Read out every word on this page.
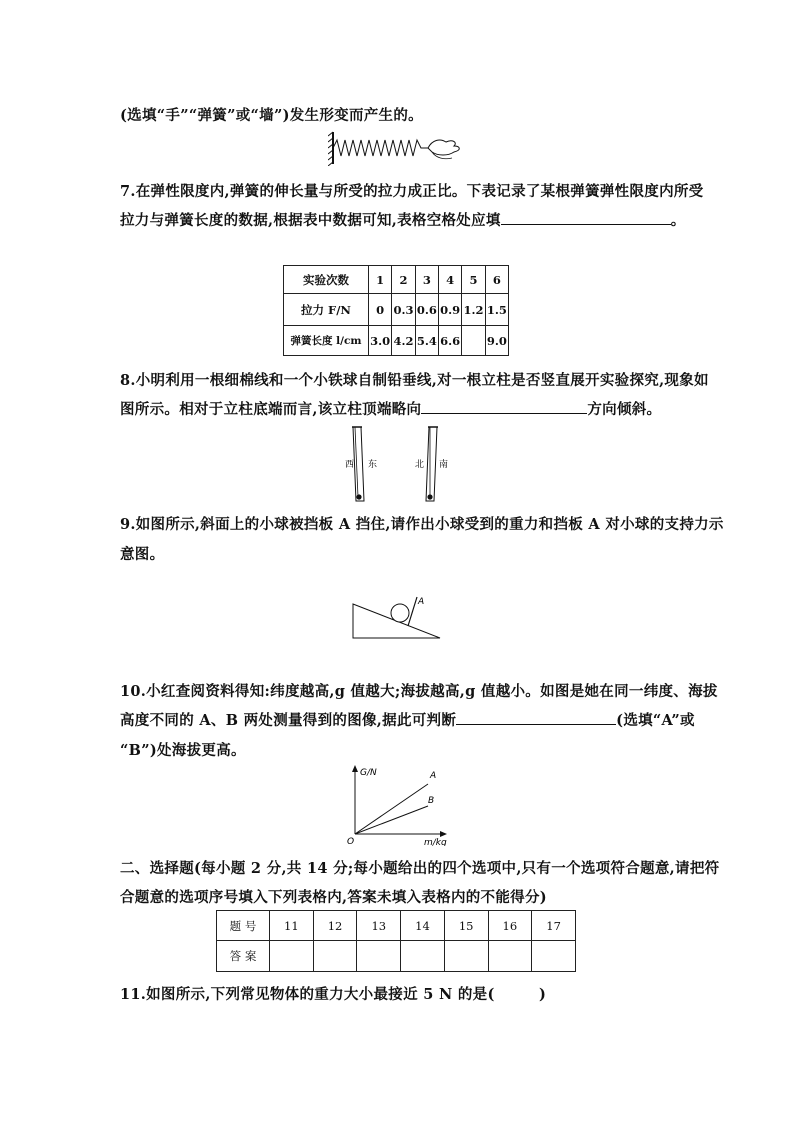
(选填“手”“弹簧”或“墙”)发生形变而产生的。
7.在弹性限度内,弹簧的伸长量与所受的拉力成正比。下表记录了某根弹簧弹性限度内所受
拉力与弹簧长度的数据,根据表中数据可知,表格空格处应填	。
实验次数	1	2	3	4	5	6
拉力 F/N	0	0.3	0.6	0.9	1.2	1.5
弹簧长度 l/cm	3.0	4.2	5.4	6.6		9.0
8.小明利用一根细棉线和一个小铁球自制铅垂线,对一根立柱是否竖直展开实验探究,现象如
图所示。相对于立柱底端而言,该立柱顶端略向	方向倾斜。
西 东	北 南
9.如图所示,斜面上的小球被挡板 A 挡住,请作出小球受到的重力和挡板 A 对小球的支持力示
意图。
A
10.小红查阅资料得知:纬度越高,g 值越大;海拔越高,g 值越小。如图是她在同一纬度、海拔
高度不同的 A、B 两处测量得到的图像,据此可判断	(选填“A”或
“B”)处海拔更高。
G/N
m/kg
O
A
B
二、选择题(每小题 2 分,共 14 分;每小题给出的四个选项中,只有一个选项符合题意,请把符
合题意的选项序号填入下列表格内,答案未填入表格内的不能得分)
题 号	11	12	13	14	15	16	17
答 案							
11.如图所示,下列常见物体的重力大小最接近 5 N 的是(　　　)
